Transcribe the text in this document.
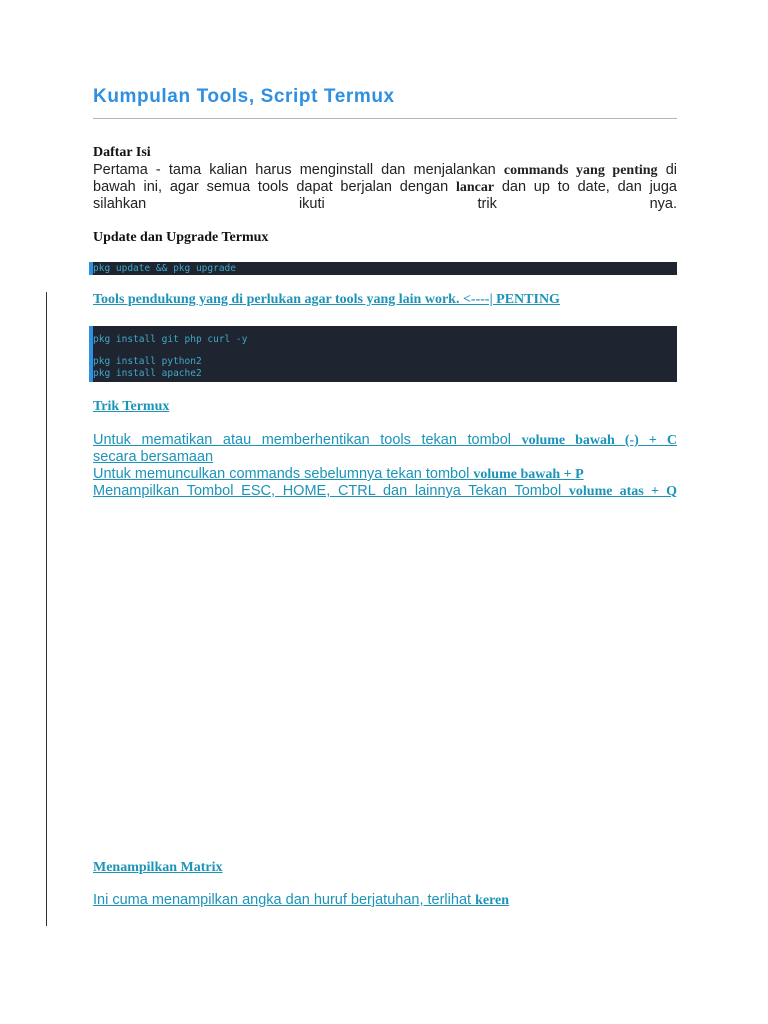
Kumpulan Tools, Script Termux
Daftar Isi

Pertama - tama kalian harus menginstall dan menjalankan commands yang penting di bawah ini, agar semua tools dapat berjalan dengan lancar dan up to date, dan juga silahkan ikuti trik nya.

Update dan Upgrade Termux
pkg update && pkg upgrade
Tools pendukung yang di perlukan agar tools yang lain work. <----| PENTING
pkg install git php curl -y
pkg install python2
pkg install apache2
Trik Termux
Untuk mematikan atau memberhentikan tools tekan tombol volume bawah (-) + C
secara bersamaan
Untuk memunculkan commands sebelumnya tekan tombol volume bawah + P
Menampilkan Tombol ESC, HOME, CTRL dan lainnya Tekan Tombol volume atas + Q
Menampilkan Matrix
Ini cuma menampilkan angka dan huruf berjatuhan, terlihat keren
